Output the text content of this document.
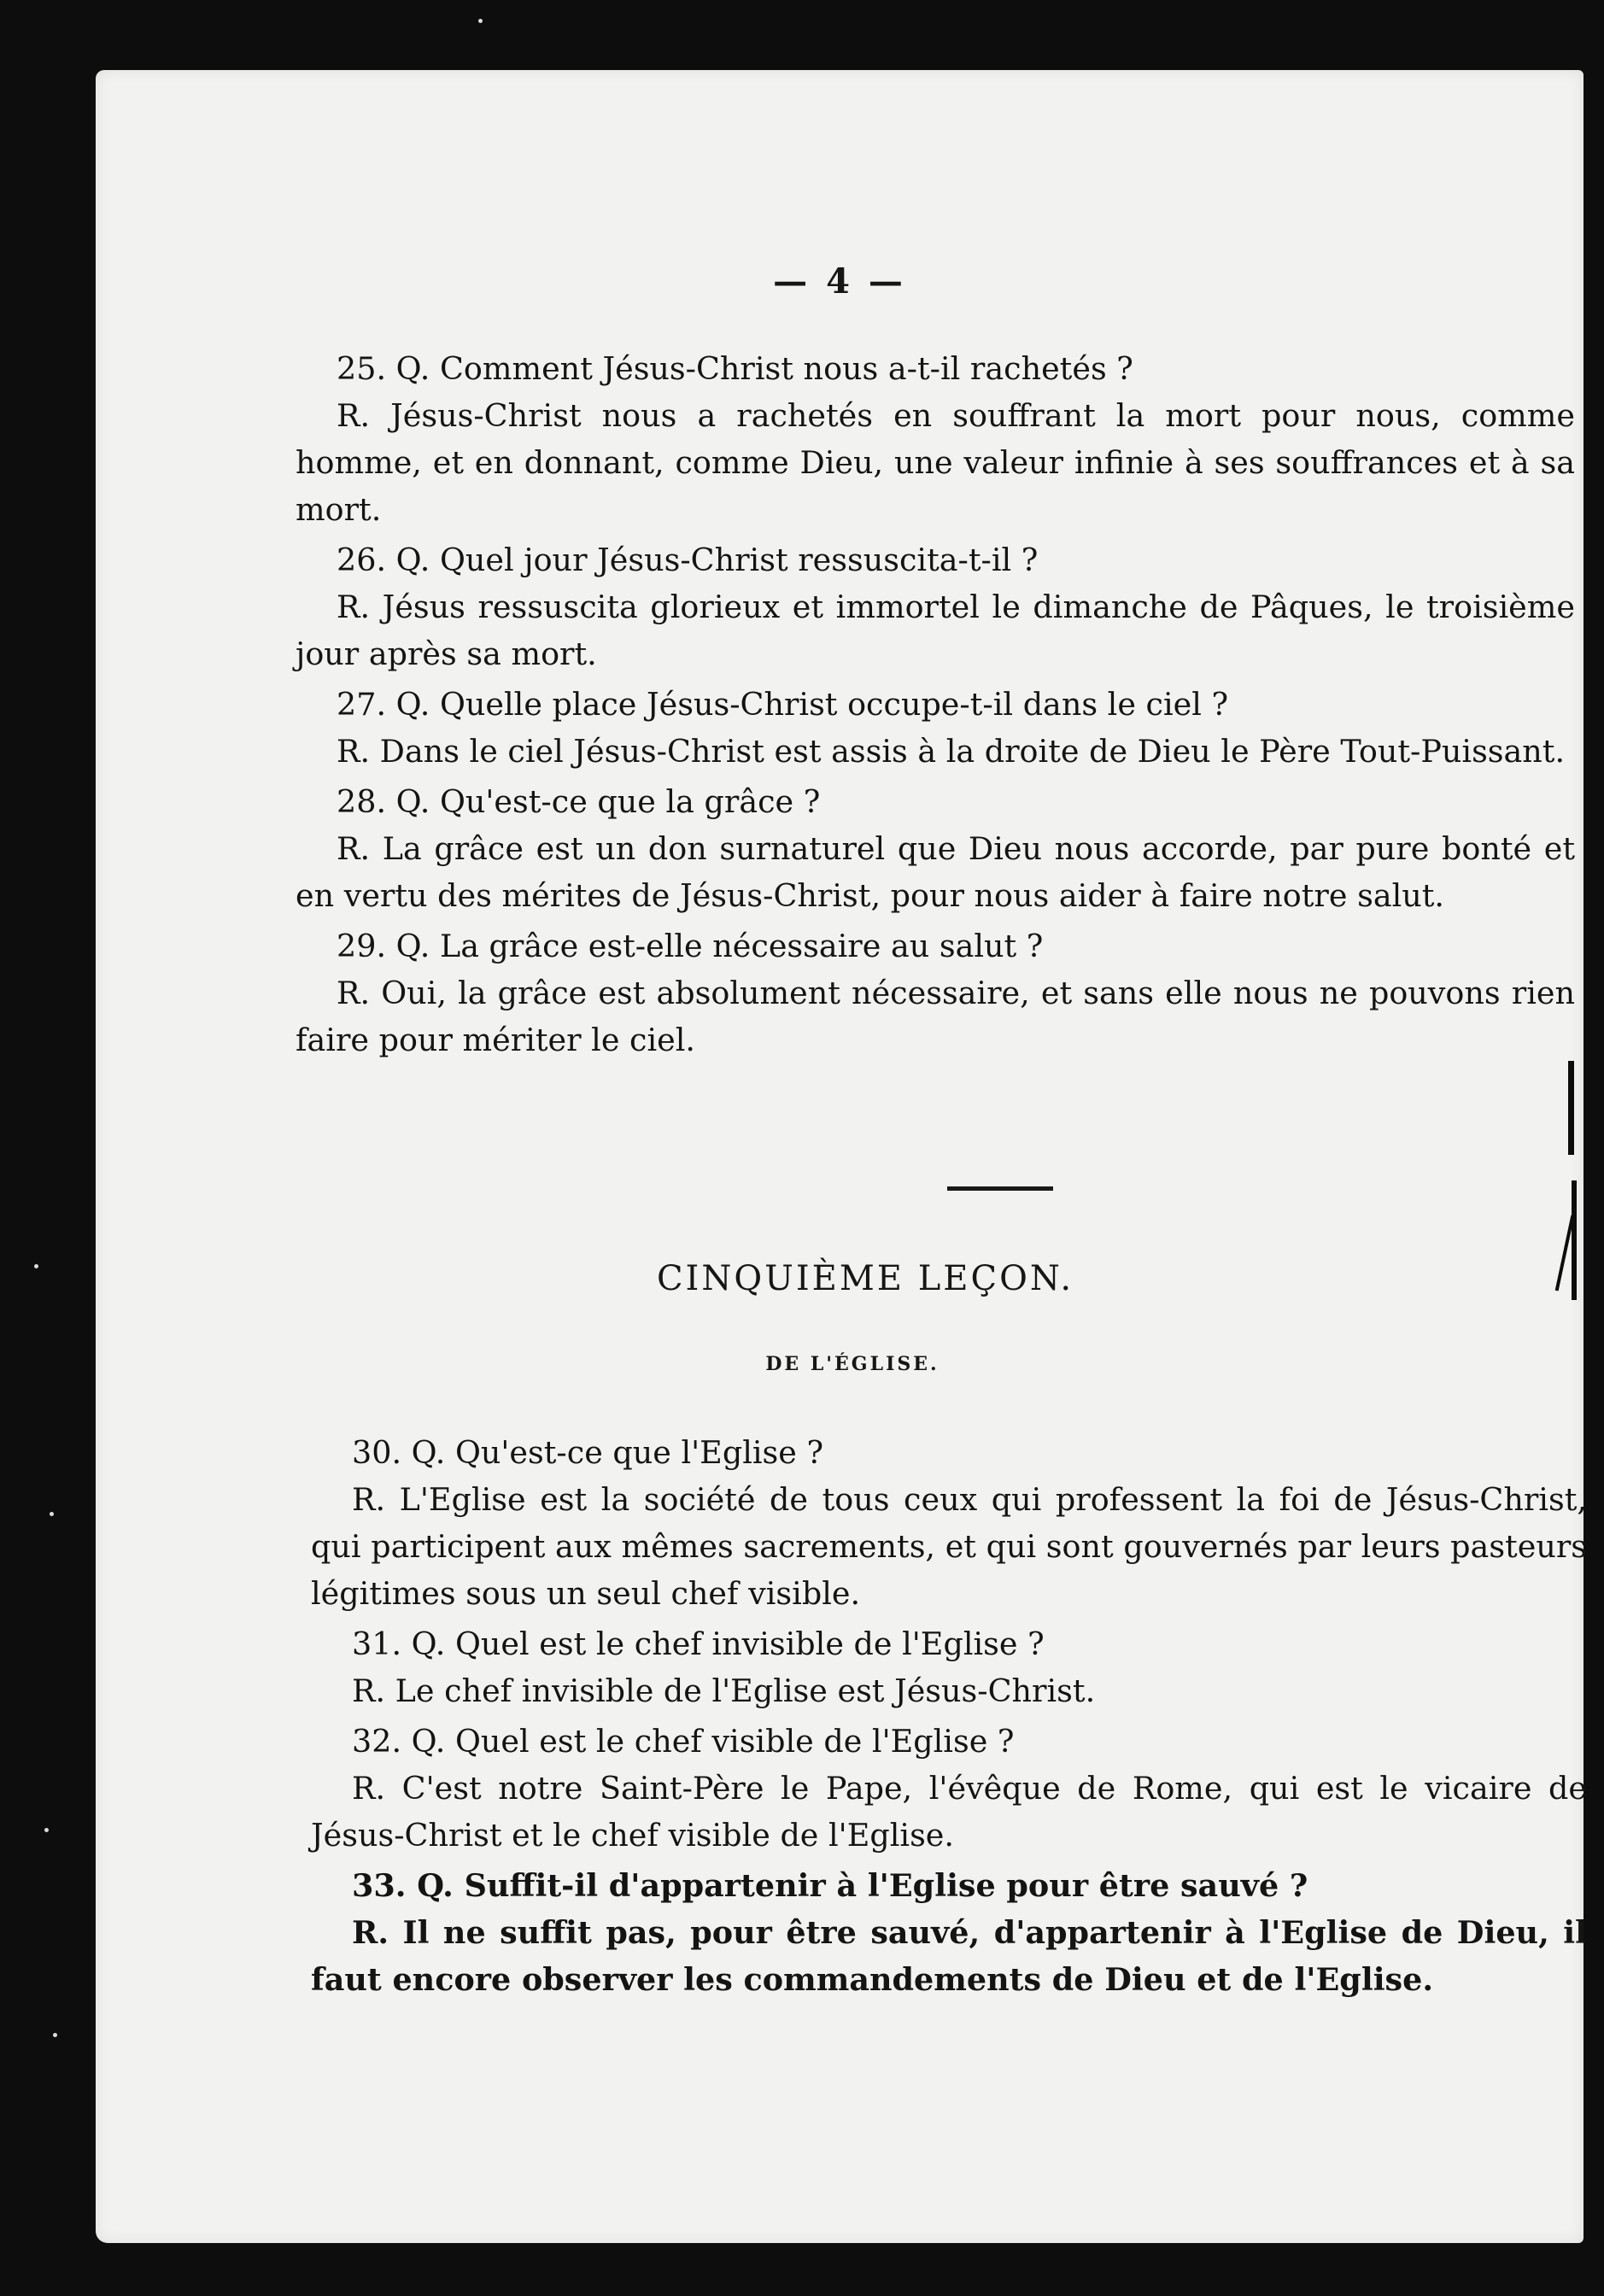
— 4 —

25. Q. Comment Jésus-Christ nous a-t-il rachetés ?

R. Jésus-Christ nous a rachetés en souffrant la mort pour nous, comme homme, et en donnant, comme Dieu, une valeur infinie à ses souffrances et à sa mort.

26. Q. Quel jour Jésus-Christ ressuscita-t-il ?

R. Jésus ressuscita glorieux et immortel le dimanche de Pâques, le troisième jour après sa mort.

27. Q. Quelle place Jésus-Christ occupe-t-il dans le ciel ?

R. Dans le ciel Jésus-Christ est assis à la droite de Dieu le Père Tout-Puissant.

28. Q. Qu'est-ce que la grâce ?

R. La grâce est un don surnaturel que Dieu nous accorde, par pure bonté et en vertu des mérites de Jésus-Christ, pour nous aider à faire notre salut.

29. Q. La grâce est-elle nécessaire au salut ?

R. Oui, la grâce est absolument nécessaire, et sans elle nous ne pouvons rien faire pour mériter le ciel.

CINQUIÈME LEÇON.
DE L'ÉGLISE.

30. Q. Qu'est-ce que l'Eglise ?

R. L'Eglise est la société de tous ceux qui professent la foi de Jésus-Christ, qui participent aux mêmes sacrements, et qui sont gouvernés par leurs pasteurs légitimes sous un seul chef visible.

31. Q. Quel est le chef invisible de l'Eglise ?

R. Le chef invisible de l'Eglise est Jésus-Christ.

32. Q. Quel est le chef visible de l'Eglise ?

R. C'est notre Saint-Père le Pape, l'évêque de Rome, qui est le vicaire de Jésus-Christ et le chef visible de l'Eglise.

33. Q. Suffit-il d'appartenir à l'Eglise pour être sauvé ?

R. Il ne suffit pas, pour être sauvé, d'appartenir à l'Eglise de Dieu, il faut encore observer les commandements de Dieu et de l'Eglise.
